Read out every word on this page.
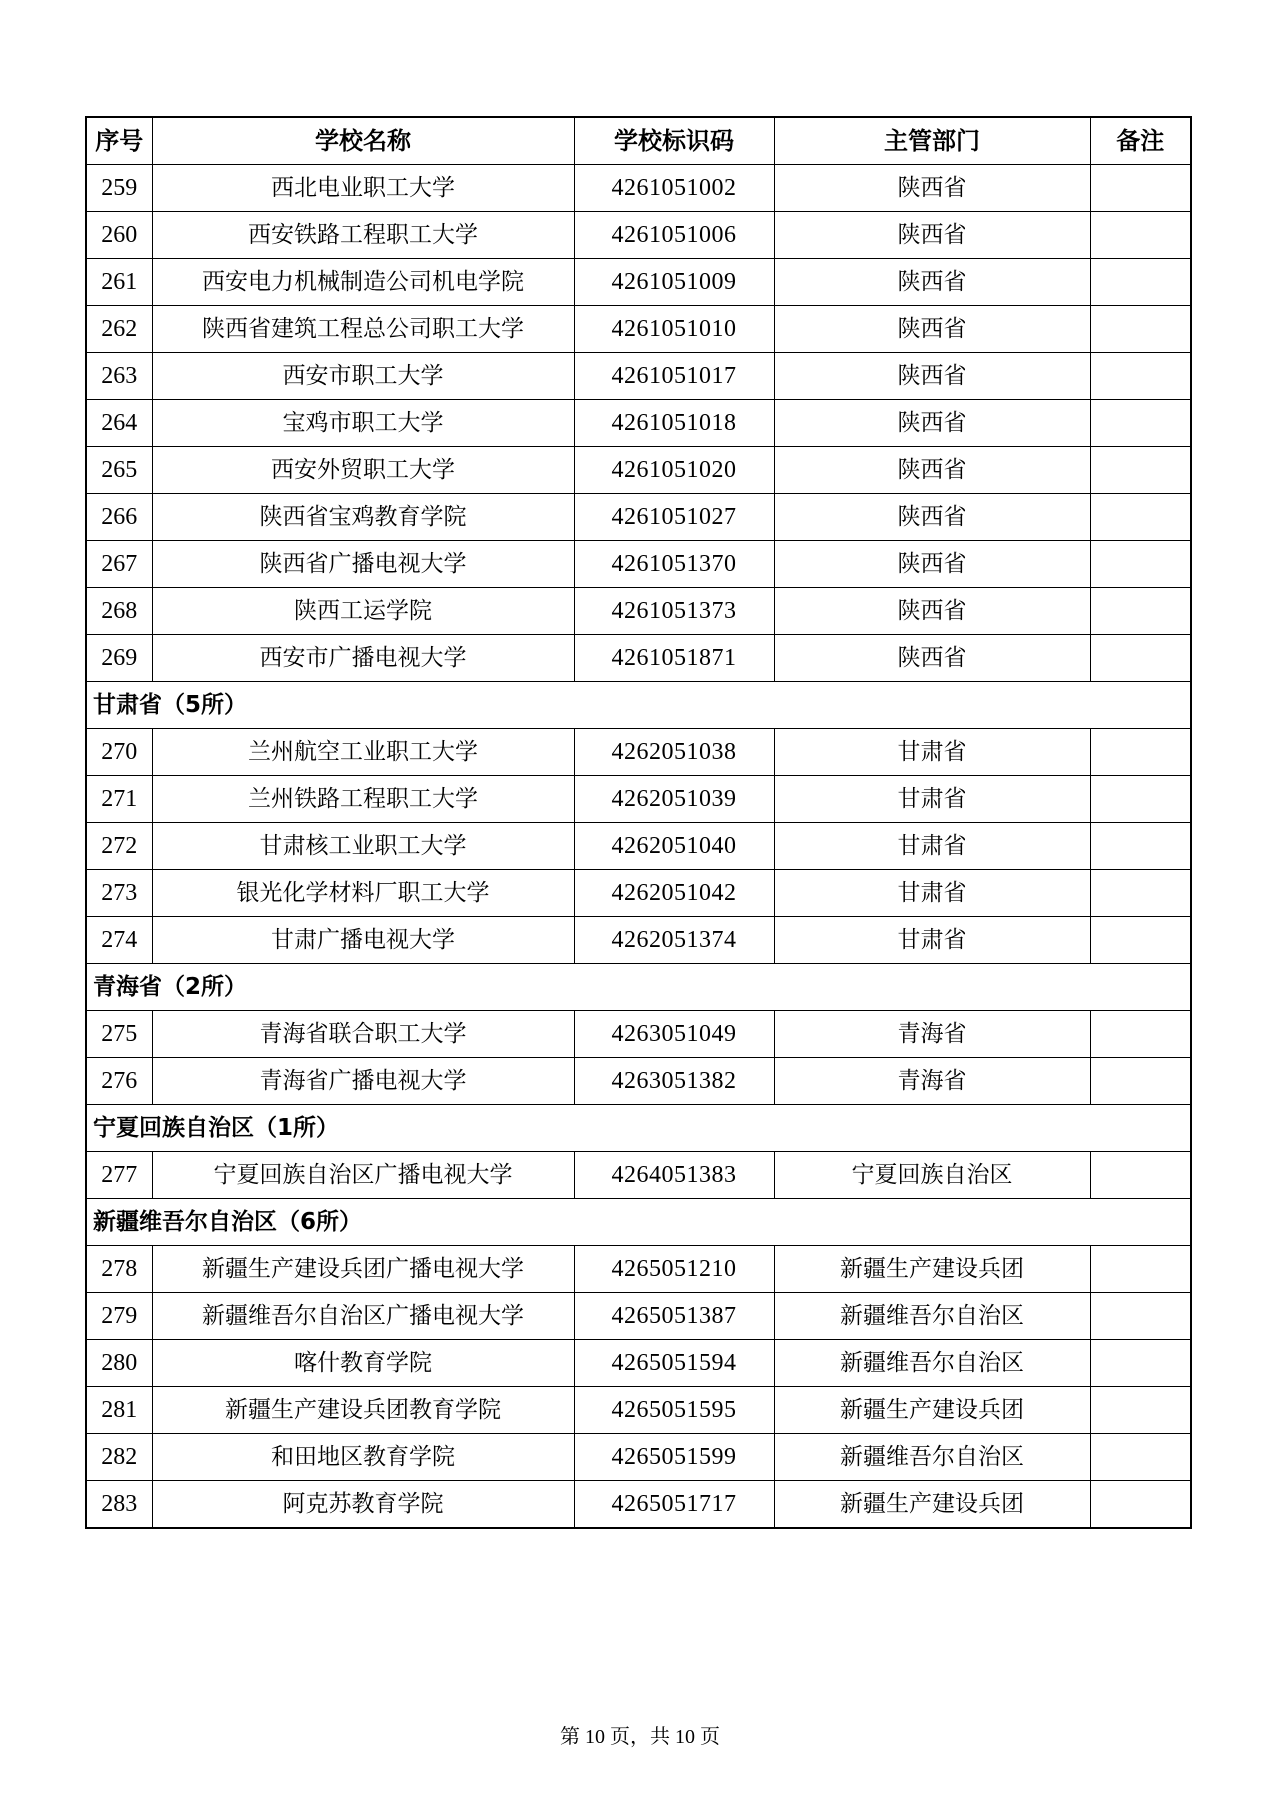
序号	学校名称	学校标识码	主管部门	备注
259	西北电业职工大学	4261051002	陕西省	
260	西安铁路工程职工大学	4261051006	陕西省	
261	西安电力机械制造公司机电学院	4261051009	陕西省	
262	陕西省建筑工程总公司职工大学	4261051010	陕西省	
263	西安市职工大学	4261051017	陕西省	
264	宝鸡市职工大学	4261051018	陕西省	
265	西安外贸职工大学	4261051020	陕西省	
266	陕西省宝鸡教育学院	4261051027	陕西省	
267	陕西省广播电视大学	4261051370	陕西省	
268	陕西工运学院	4261051373	陕西省	
269	西安市广播电视大学	4261051871	陕西省	
甘肃省（5所）				
270	兰州航空工业职工大学	4262051038	甘肃省	
271	兰州铁路工程职工大学	4262051039	甘肃省	
272	甘肃核工业职工大学	4262051040	甘肃省	
273	银光化学材料厂职工大学	4262051042	甘肃省	
274	甘肃广播电视大学	4262051374	甘肃省	
青海省（2所）				
275	青海省联合职工大学	4263051049	青海省	
276	青海省广播电视大学	4263051382	青海省	
宁夏回族自治区（1所）				
277	宁夏回族自治区广播电视大学	4264051383	宁夏回族自治区	
新疆维吾尔自治区（6所）				
278	新疆生产建设兵团广播电视大学	4265051210	新疆生产建设兵团	
279	新疆维吾尔自治区广播电视大学	4265051387	新疆维吾尔自治区	
280	喀什教育学院	4265051594	新疆维吾尔自治区	
281	新疆生产建设兵团教育学院	4265051595	新疆生产建设兵团	
282	和田地区教育学院	4265051599	新疆维吾尔自治区	
283	阿克苏教育学院	4265051717	新疆生产建设兵团	
第 10 页，共 10 页
